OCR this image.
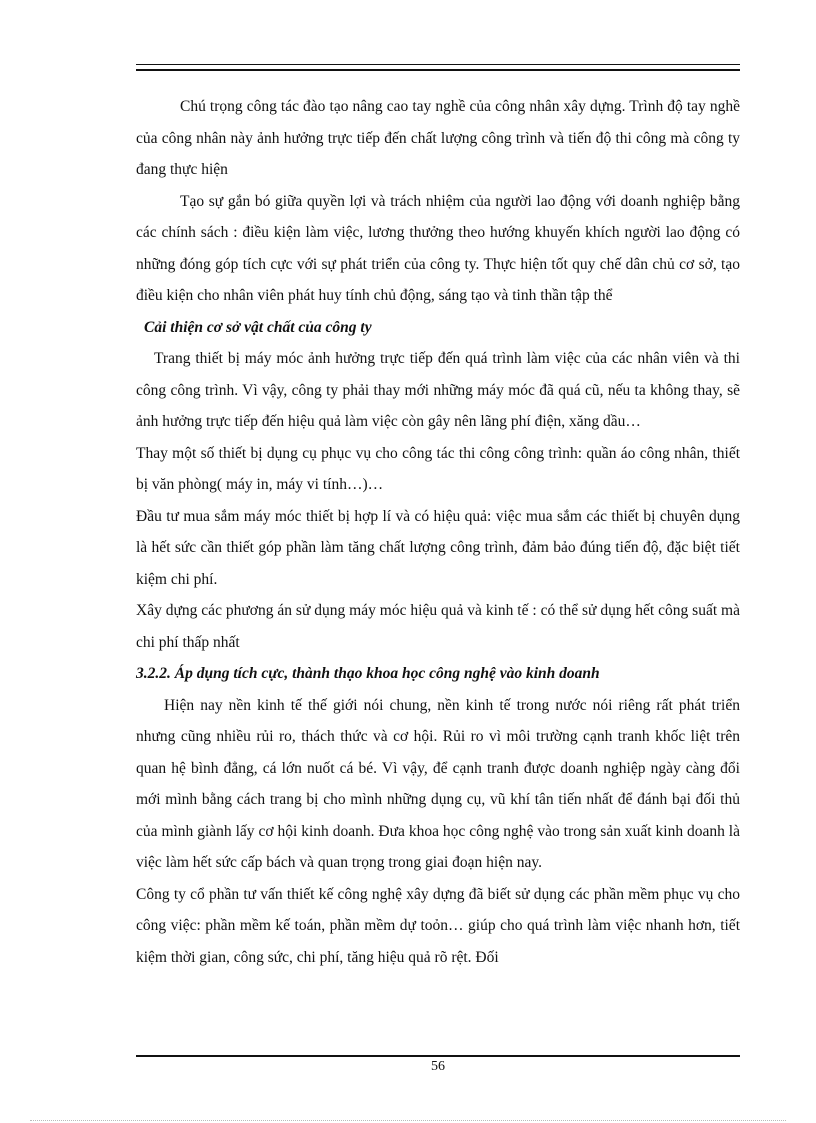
Chú trọng công tác đào tạo nâng cao tay nghề của công nhân xây dựng. Trình độ tay nghề của công nhân này ảnh hưởng trực tiếp đến chất lượng công trình và tiến độ thi công mà công ty đang thực hiện

Tạo sự gắn bó giữa quyền lợi và trách nhiệm của người lao động với doanh nghiệp bằng các chính sách : điều kiện làm việc, lương thưởng theo hướng khuyến khích người lao động có những đóng góp tích cực với sự phát triển của công ty. Thực hiện tốt quy chế dân chủ cơ sở, tạo điều kiện cho nhân viên phát huy tính chủ động, sáng tạo và tinh thần tập thể

Cải thiện cơ sở vật chất của công ty

Trang thiết bị máy móc ảnh hưởng trực tiếp đến quá trình làm việc của các nhân viên và thi công công trình. Vì vậy, công ty phải thay mới những máy móc đã quá cũ, nếu ta không thay, sẽ ảnh hưởng trực tiếp đến hiệu quả làm việc còn gây nên lãng phí điện, xăng dầu…

Thay một số thiết bị dụng cụ phục vụ cho công tác thi công công trình: quần áo công nhân, thiết bị văn phòng( máy in, máy vi tính…)…

Đầu tư mua sắm máy móc thiết bị hợp lí và có hiệu quả: việc mua sắm các thiết bị chuyên dụng là hết sức cần thiết góp phần làm tăng chất lượng công trình, đảm bảo đúng tiến độ, đặc biệt tiết kiệm chi phí.

Xây dựng các phương án sử dụng máy móc hiệu quả và kinh tế : có thể sử dụng hết công suất mà chi phí thấp nhất

3.2.2. Áp dụng tích cực, thành thạo khoa học công nghệ vào kinh doanh

Hiện nay nền kinh tế thế giới nói chung, nền kinh tế trong nước nói riêng rất phát triển nhưng cũng nhiều rủi ro, thách thức và cơ hội. Rủi ro vì môi trường cạnh tranh khốc liệt trên quan hệ bình đẳng, cá lớn nuốt cá bé. Vì vậy, để cạnh tranh được doanh nghiệp ngày càng đổi mới mình bằng cách trang bị cho mình những dụng cụ, vũ khí tân tiến nhất để đánh bại đối thủ của mình giành lấy cơ hội kinh doanh. Đưa khoa học công nghệ vào trong sản xuất kinh doanh là việc làm hết sức cấp bách và quan trọng trong giai đoạn hiện nay.

Công ty cổ phần tư vấn thiết kế công nghệ xây dựng đã biết sử dụng các phần mềm phục vụ cho công việc: phần mềm kế toán, phần mềm dự toỏn… giúp cho quá trình làm việc nhanh hơn, tiết kiệm thời gian, công sức, chi phí, tăng hiệu quả rõ rệt. Đối

56
